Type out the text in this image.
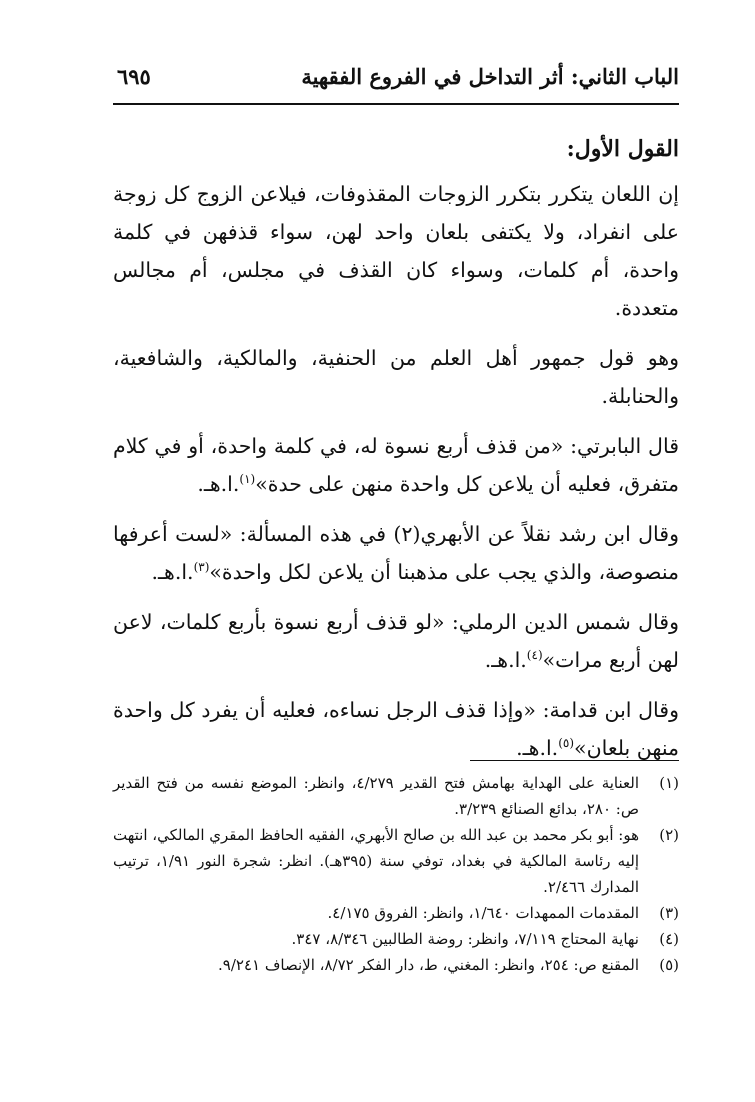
الباب الثاني: أثر التداخل في الفروع الفقهية
٦٩٥
القول الأول:

إن اللعان يتكرر بتكرر الزوجات المقذوفات، فيلاعن الزوج كل زوجة على انفراد، ولا يكتفى بلعان واحد لهن، سواء قذفهن في كلمة واحدة، أم كلمات، وسواء كان القذف في مجلس، أم مجالس متعددة.

وهو قول جمهور أهل العلم من الحنفية، والمالكية، والشافعية، والحنابلة.

قال البابرتي: «من قذف أربع نسوة له، في كلمة واحدة، أو في كلام متفرق، فعليه أن يلاعن كل واحدة منهن على حدة»$^{(١)}$.ا.هـ.

وقال ابن رشد نقلاً عن الأبهري(٢) في هذه المسألة: «لست أعرفها منصوصة، والذي يجب على مذهبنا أن يلاعن لكل واحدة»$^{(٣)}$.ا.هـ.

وقال شمس الدين الرملي: «لو قذف أربع نسوة بأربع كلمات، لاعن لهن أربع مرات»$^{(٤)}$.ا.هـ.

وقال ابن قدامة: «وإذا قذف الرجل نساءه، فعليه أن يفرد كل واحدة منهن بلعان»$^{(٥)}$.ا.هـ.

(١)
العناية على الهداية بهامش فتح القدير ٤/٢٧٩، وانظر: الموضع نفسه من فتح القدير ص: ٢٨٠، بدائع الصنائع ٣/٢٣٩.
(٢)
هو: أبو بكر محمد بن عبد الله بن صالح الأبهري، الفقيه الحافظ المقري المالكي، انتهت إليه رئاسة المالكية في بغداد، توفي سنة (٣٩٥هـ). انظر: شجرة النور ١/٩١، ترتيب المدارك ٢/٤٦٦.
(٣)
المقدمات الممهدات ١/٦٤٠، وانظر: الفروق ٤/١٧٥.
(٤)
نهاية المحتاج ٧/١١٩، وانظر: روضة الطالبين ٨/٣٤٦، ٣٤٧.
(٥)
المقنع ص: ٢٥٤، وانظر: المغني، ط، دار الفكر ٨/٧٢، الإنصاف ٩/٢٤١.
